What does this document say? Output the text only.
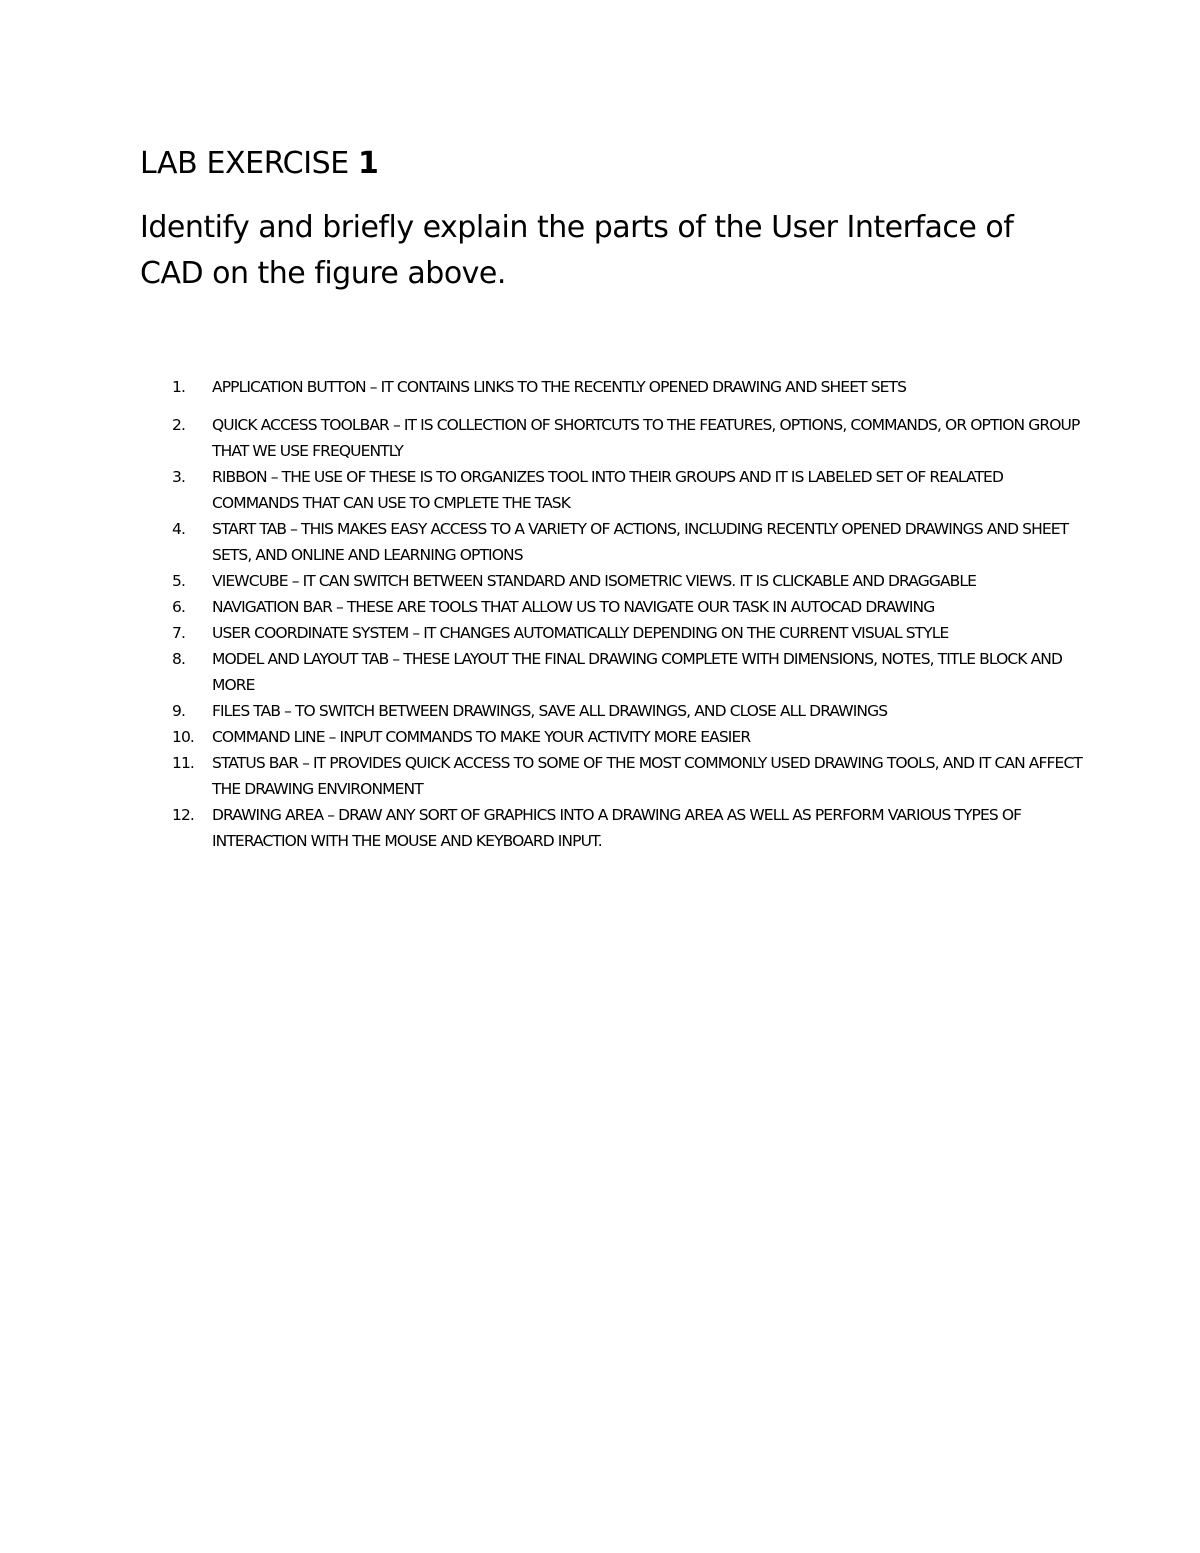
LAB EXERCISE 1

Identify and briefly explain the parts of the User Interface of CAD on the figure above.

1.	APPLICATION BUTTON – IT CONTAINS LINKS TO THE RECENTLY OPENED DRAWING AND SHEET SETS
2.	QUICK ACCESS TOOLBAR – IT IS COLLECTION OF SHORTCUTS TO THE FEATURES, OPTIONS, COMMANDS, OR OPTION GROUP THAT WE USE FREQUENTLY
3.	RIBBON – THE USE OF THESE IS TO ORGANIZES TOOL INTO THEIR GROUPS AND IT IS LABELED SET OF REALATED COMMANDS THAT CAN USE TO CMPLETE THE TASK
4.	START TAB – THIS MAKES EASY ACCESS TO A VARIETY OF ACTIONS, INCLUDING RECENTLY OPENED DRAWINGS AND SHEET SETS, AND ONLINE AND LEARNING OPTIONS
5.	VIEWCUBE – IT CAN SWITCH BETWEEN STANDARD AND ISOMETRIC VIEWS. IT IS CLICKABLE AND DRAGGABLE
6.	NAVIGATION BAR – THESE ARE TOOLS THAT ALLOW US TO NAVIGATE OUR TASK IN AUTOCAD DRAWING
7.	USER COORDINATE SYSTEM – IT CHANGES AUTOMATICALLY DEPENDING ON THE CURRENT VISUAL STYLE
8.	MODEL AND LAYOUT TAB – THESE LAYOUT THE FINAL DRAWING COMPLETE WITH DIMENSIONS, NOTES, TITLE BLOCK AND MORE
9.	FILES TAB – TO SWITCH BETWEEN DRAWINGS, SAVE ALL DRAWINGS, AND CLOSE ALL DRAWINGS
10.	COMMAND LINE – INPUT COMMANDS TO MAKE YOUR ACTIVITY MORE EASIER
11.	STATUS BAR – IT PROVIDES QUICK ACCESS TO SOME OF THE MOST COMMONLY USED DRAWING TOOLS, AND IT CAN AFFECT THE DRAWING ENVIRONMENT
12.	DRAWING AREA – DRAW ANY SORT OF GRAPHICS INTO A DRAWING AREA AS WELL AS PERFORM VARIOUS TYPES OF INTERACTION WITH THE MOUSE AND KEYBOARD INPUT.
